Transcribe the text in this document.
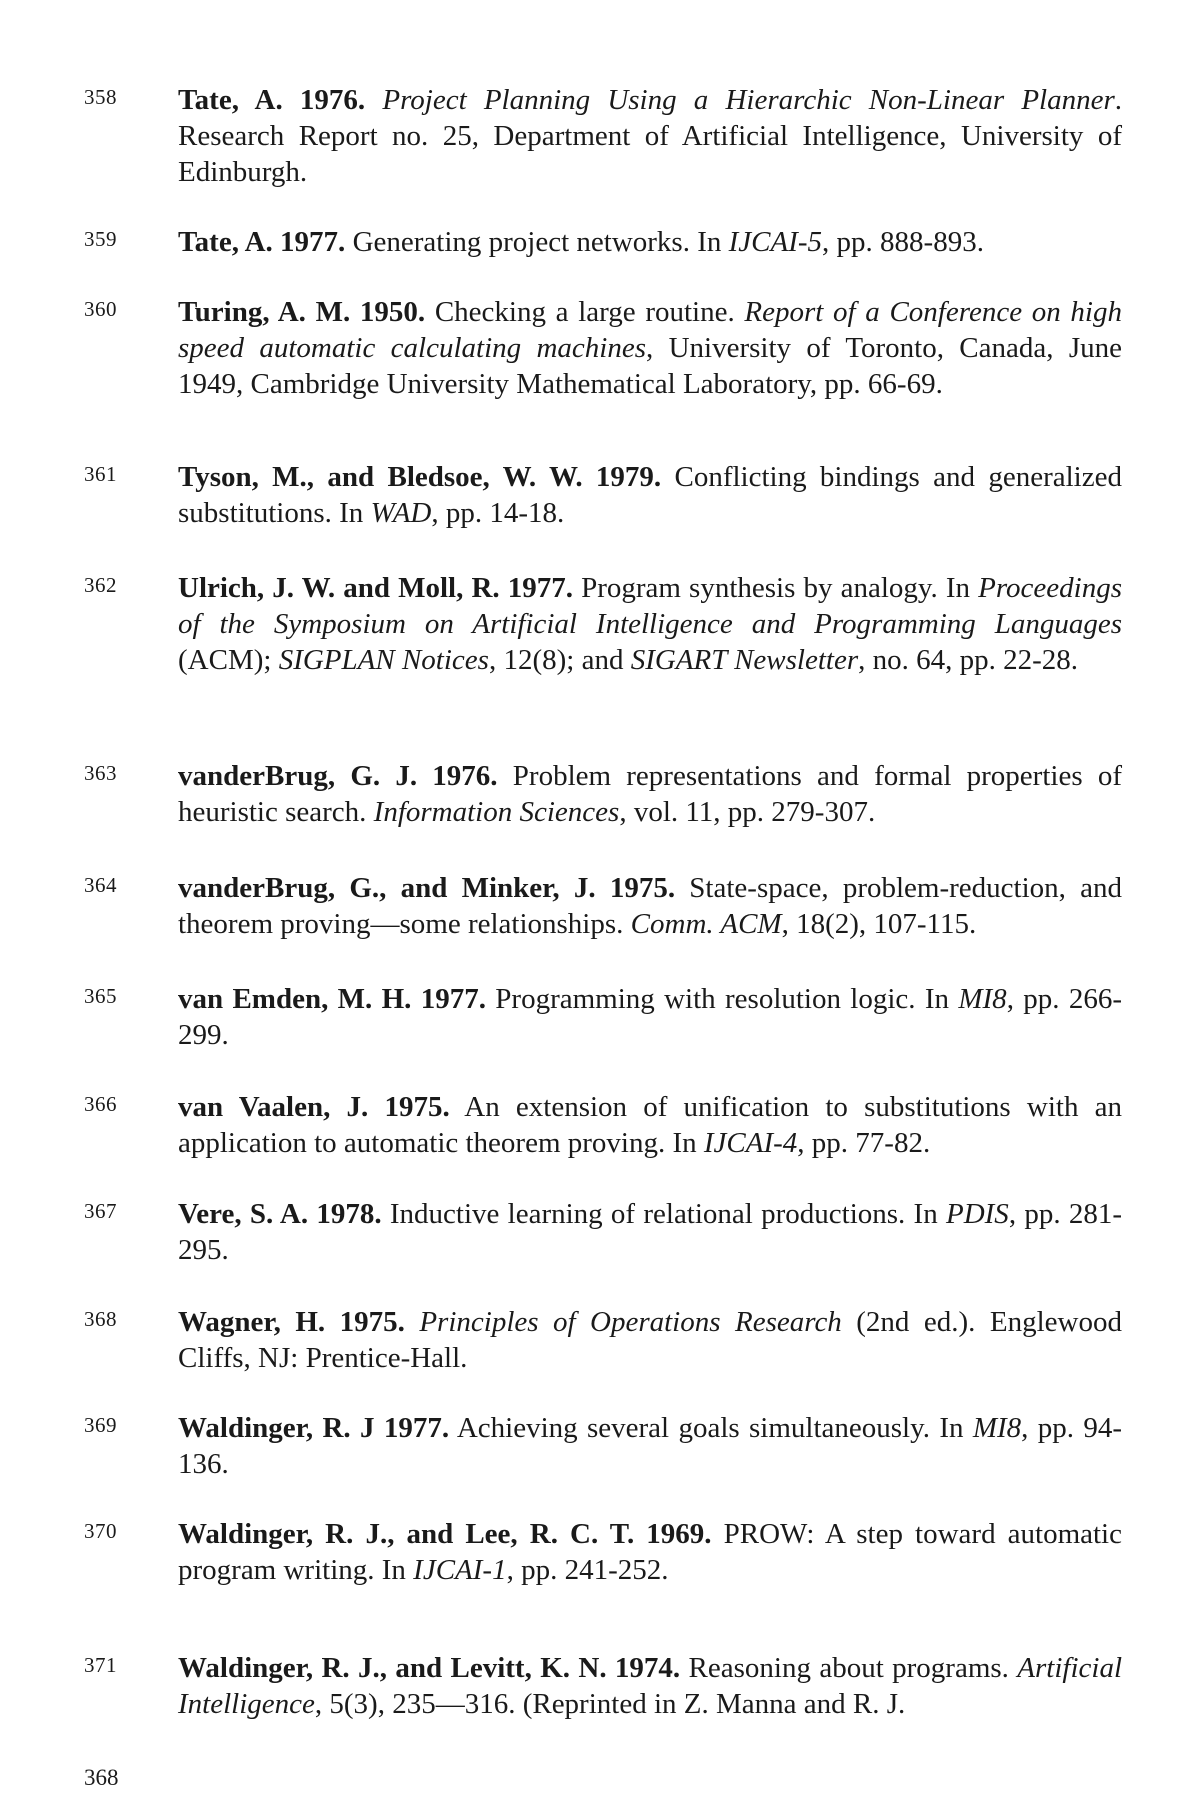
358 Tate, A. 1976. Project Planning Using a Hierarchic Non-Linear Planner. Research Report no. 25, Department of Artificial Intelligence, University of Edinburgh.
359 Tate, A. 1977. Generating project networks. In IJCAI-5, pp. 888-893.
360 Turing, A. M. 1950. Checking a large routine. Report of a Conference on high speed automatic calculating machines, University of Toronto, Canada, June 1949, Cambridge University Mathematical Laboratory, pp. 66-69.
361 Tyson, M., and Bledsoe, W. W. 1979. Conflicting bindings and generalized substitutions. In WAD, pp. 14-18.
362 Ulrich, J. W. and Moll, R. 1977. Program synthesis by analogy. In Proceedings of the Symposium on Artificial Intelligence and Programming Languages (ACM); SIGPLAN Notices, 12(8); and SIGART Newsletter, no. 64, pp. 22-28.
363 vanderBrug, G. J. 1976. Problem representations and formal properties of heuristic search. Information Sciences, vol. 11, pp. 279-307.
364 vanderBrug, G., and Minker, J. 1975. State-space, problem-reduction, and theorem proving—some relationships. Comm. ACM, 18(2), 107-115.
365 van Emden, M. H. 1977. Programming with resolution logic. In MI8, pp. 266-299.
366 van Vaalen, J. 1975. An extension of unification to substitutions with an application to automatic theorem proving. In IJCAI-4, pp. 77-82.
367 Vere, S. A. 1978. Inductive learning of relational productions. In PDIS, pp. 281-295.
368 Wagner, H. 1975. Principles of Operations Research (2nd ed.). Englewood Cliffs, NJ: Prentice-Hall.
369 Waldinger, R. J 1977. Achieving several goals simultaneously. In MI8, pp. 94-136.
370 Waldinger, R. J., and Lee, R. C. T. 1969. PROW: A step toward automatic program writing. In IJCAI-1, pp. 241-252.
371 Waldinger, R. J., and Levitt, K. N. 1974. Reasoning about programs. Artificial Intelligence, 5(3), 235—316. (Reprinted in Z. Manna and R. J.
368
